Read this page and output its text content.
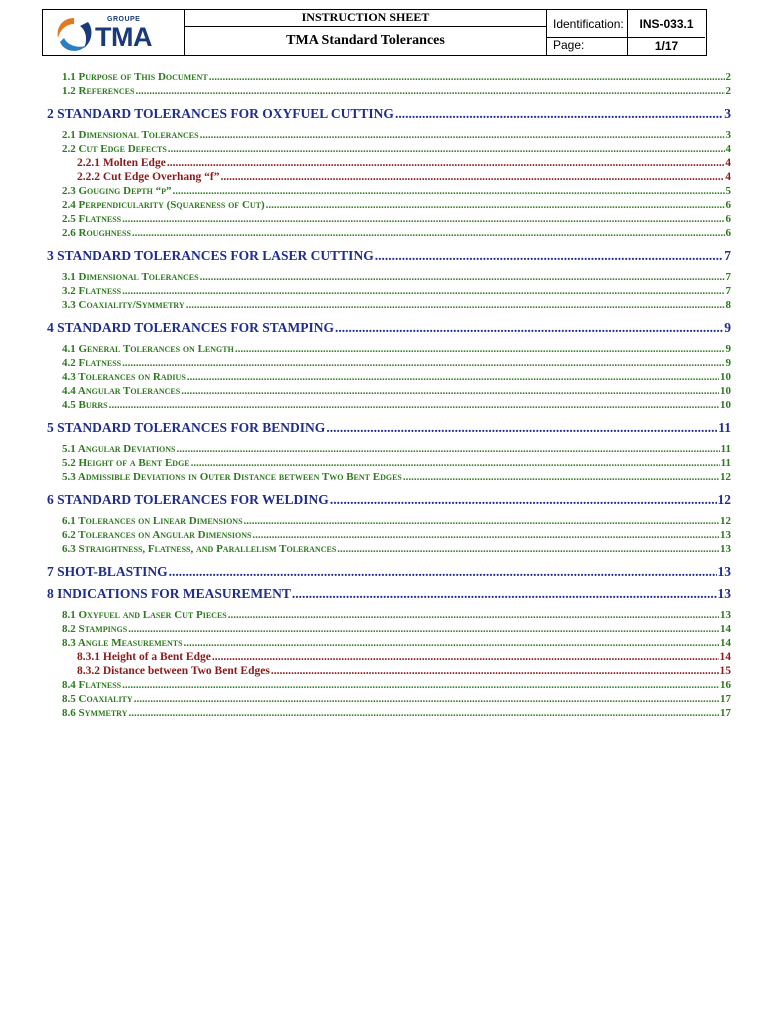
GROUPE
TMA
INSTRUCTION SHEET
TMA Standard Tolerances
Identification:	INS-033.1
Page:	1/17
1.1 Purpose of This Document .....	2
1.2 References .....	2
2 STANDARD TOLERANCES FOR OXYFUEL CUTTING .....	3
2.1 Dimensional Tolerances .....	3
2.2 Cut Edge Defects .....	4
2.2.1 Molten Edge .....	4
2.2.2 Cut Edge Overhang “f” .....	4
2.3 Gouging Depth “p” .....	5
2.4 Perpendicularity (Squareness of Cut) .....	6
2.5 Flatness .....	6
2.6 Roughness .....	6
3 STANDARD TOLERANCES FOR LASER CUTTING .....	7
3.1 Dimensional Tolerances .....	7
3.2 Flatness .....	7
3.3 Coaxiality/Symmetry .....	8
4 STANDARD TOLERANCES FOR STAMPING .....	9
4.1 General Tolerances on Length .....	9
4.2 Flatness .....	9
4.3 Tolerances on Radius .....	10
4.4 Angular Tolerances .....	10
4.5 Burrs .....	10
5 STANDARD TOLERANCES FOR BENDING .....	11
5.1 Angular Deviations .....	11
5.2 Height of a Bent Edge .....	11
5.3 Admissible Deviations in Outer Distance between Two Bent Edges .....	12
6 STANDARD TOLERANCES FOR WELDING .....	12
6.1 Tolerances on Linear Dimensions .....	12
6.2 Tolerances on Angular Dimensions .....	13
6.3 Straightness, Flatness, and Parallelism Tolerances .....	13
7 SHOT-BLASTING .....	13
8 INDICATIONS FOR MEASUREMENT .....	13
8.1 Oxyfuel and Laser Cut Pieces .....	13
8.2 Stampings .....	14
8.3 Angle Measurements .....	14
8.3.1 Height of a Bent Edge .....	14
8.3.2 Distance between Two Bent Edges .....	15
8.4 Flatness .....	16
8.5 Coaxiality .....	17
8.6 Symmetry .....	17
